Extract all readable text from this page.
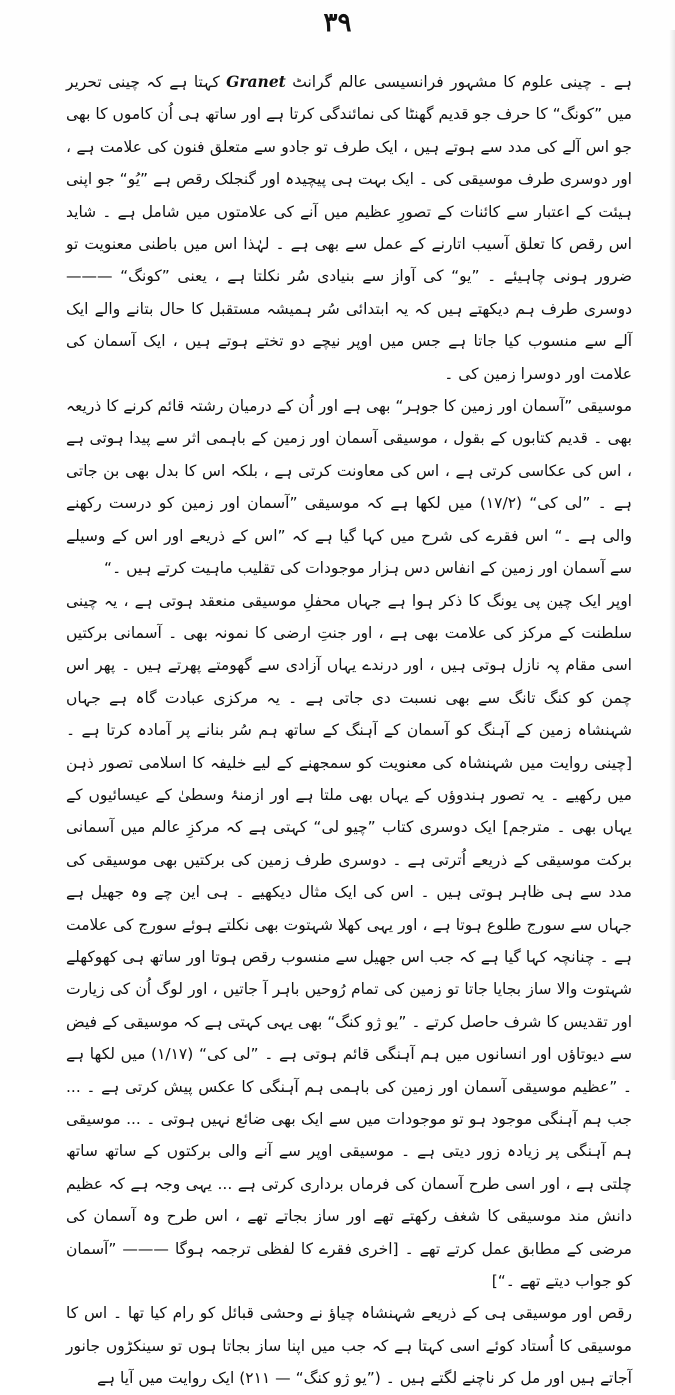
۳۹

ہے ۔ چینی علوم کا مشہور فرانسیسی عالم گرانٹ Granet کہتا ہے کہ چینی تحریر میں ”کونگ“ کا حرف جو قدیم گھنٹا کی نمائندگی کرتا ہے اور ساتھ ہی اُن کاموں کا بھی جو اس آلے کی مدد سے ہوتے ہیں ، ایک طرف تو جادو سے متعلق فنون کی علامت ہے ، اور دوسری طرف موسیقی کی ۔ ایک بہت ہی پیچیدہ اور گنجلک رقص ہے ”یُو“ جو اپنی ہیئت کے اعتبار سے کائنات کے تصورِ عظیم میں آنے کی علامتوں میں شامل ہے ۔ شاید اس رقص کا تعلق آسیب اتارنے کے عمل سے بھی ہے ۔ لہٰذا اس میں باطنی معنویت تو ضرور ہونی چاہیئے ۔ ”یو“ کی آواز سے بنیادی سُر نکلتا ہے ، یعنی ”کونگ“ ——— دوسری طرف ہم دیکھتے ہیں کہ یہ ابتدائی سُر ہمیشہ مستقبل کا حال بتانے والے ایک آلے سے منسوب کیا جاتا ہے جس میں اوپر نیچے دو تختے ہوتے ہیں ، ایک آسمان کی علامت اور دوسرا زمین کی ۔

موسیقی ”آسمان اور زمین کا جوہر“ بھی ہے اور اُن کے درمیان رشتہ قائم کرنے کا ذریعہ بھی ۔ قدیم کتابوں کے بقول ، موسیقی آسمان اور زمین کے باہمی اثر سے پیدا ہوتی ہے ، اس کی عکاسی کرتی ہے ، اس کی معاونت کرتی ہے ، بلکہ اس کا بدل بھی بن جاتی ہے ۔ ”لی کی“ (۱۷/۲) میں لکھا ہے کہ موسیقی ”آسمان اور زمین کو درست رکھنے والی ہے ۔“ اس فقرے کی شرح میں کہا گیا ہے کہ ”اس کے ذریعے اور اس کے وسیلے سے آسمان اور زمین کے انفاس دس ہزار موجودات کی تقلیب ماہیت کرتے ہیں ۔“

اوپر ایک چین پی یونگ کا ذکر ہوا ہے جہاں محفلِ موسیقی منعقد ہوتی ہے ، یہ چینی سلطنت کے مرکز کی علامت بھی ہے ، اور جنتِ ارضی کا نمونہ بھی ۔ آسمانی برکتیں اسی مقام پہ نازل ہوتی ہیں ، اور درندے یہاں آزادی سے گھومتے پھرتے ہیں ۔ پھر اس چمن کو کنگ تانگ سے بھی نسبت دی جاتی ہے ۔ یہ مرکزی عبادت گاہ ہے جہاں شہنشاہ زمین کے آہنگ کو آسمان کے آہنگ کے ساتھ ہم سُر بنانے پر آمادہ کرتا ہے ۔ [چینی روایت میں شہنشاہ کی معنویت کو سمجھنے کے لیے خلیفہ کا اسلامی تصور ذہن میں رکھیے ۔ یہ تصور ہندوؤں کے یہاں بھی ملتا ہے اور ازمنۂ وسطیٰ کے عیسائیوں کے یہاں بھی ۔ مترجم] ایک دوسری کتاب ”چیو لی“ کہتی ہے کہ مرکزِ عالم میں آسمانی برکت موسیقی کے ذریعے اُترتی ہے ۔ دوسری طرف زمین کی برکتیں بھی موسیقی کی مدد سے ہی ظاہر ہوتی ہیں ۔ اس کی ایک مثال دیکھیے ۔ ہی این چے وہ جھیل ہے جہاں سے سورج طلوع ہوتا ہے ، اور یہی کھلا شہتوت بھی نکلتے ہوئے سورج کی علامت ہے ۔ چنانچہ کہا گیا ہے کہ جب اس جھیل سے منسوب رقص ہوتا اور ساتھ ہی کھوکھلے شہتوت والا ساز بجایا جاتا تو زمین کی تمام رُوحیں باہر آ جاتیں ، اور لوگ اُن کی زیارت اور تقدیس کا شرف حاصل کرتے ۔ ”یو ژو کنگ“ بھی یہی کہتی ہے کہ موسیقی کے فیض سے دیوتاؤں اور انسانوں میں ہم آہنگی قائم ہوتی ہے ۔ ”لی کی“ (۱/۱۷) میں لکھا ہے ۔ ”عظیم موسیقی آسمان اور زمین کی باہمی ہم آہنگی کا عکس پیش کرتی ہے ۔ ... جب ہم آہنگی موجود ہو تو موجودات میں سے ایک بھی ضائع نہیں ہوتی ۔ ... موسیقی ہم آہنگی پر زیادہ زور دیتی ہے ۔ موسیقی اوپر سے آنے والی برکتوں کے ساتھ ساتھ چلتی ہے ، اور اسی طرح آسمان کی فرماں برداری کرتی ہے ... یہی وجہ ہے کہ عظیم دانش مند موسیقی کا شغف رکھتے تھے اور ساز بجاتے تھے ، اس طرح وہ آسمان کی مرضی کے مطابق عمل کرتے تھے ۔ [اخری فقرے کا لفظی ترجمہ ہوگا ——— ”آسمان کو جواب دیتے تھے ۔“]

رقص اور موسیقی ہی کے ذریعے شہنشاہ چیاؤ نے وحشی قبائل کو رام کیا تھا ۔ اس کا موسیقی کا اُستاد کوئے اسی کہتا ہے کہ جب میں اپنا ساز بجاتا ہوں تو سینکڑوں جانور آجاتے ہیں اور مل کر ناچنے لگتے ہیں ۔ (”یو ژو کنگ“ — ۲۱۱) ایک روایت میں آیا ہے
